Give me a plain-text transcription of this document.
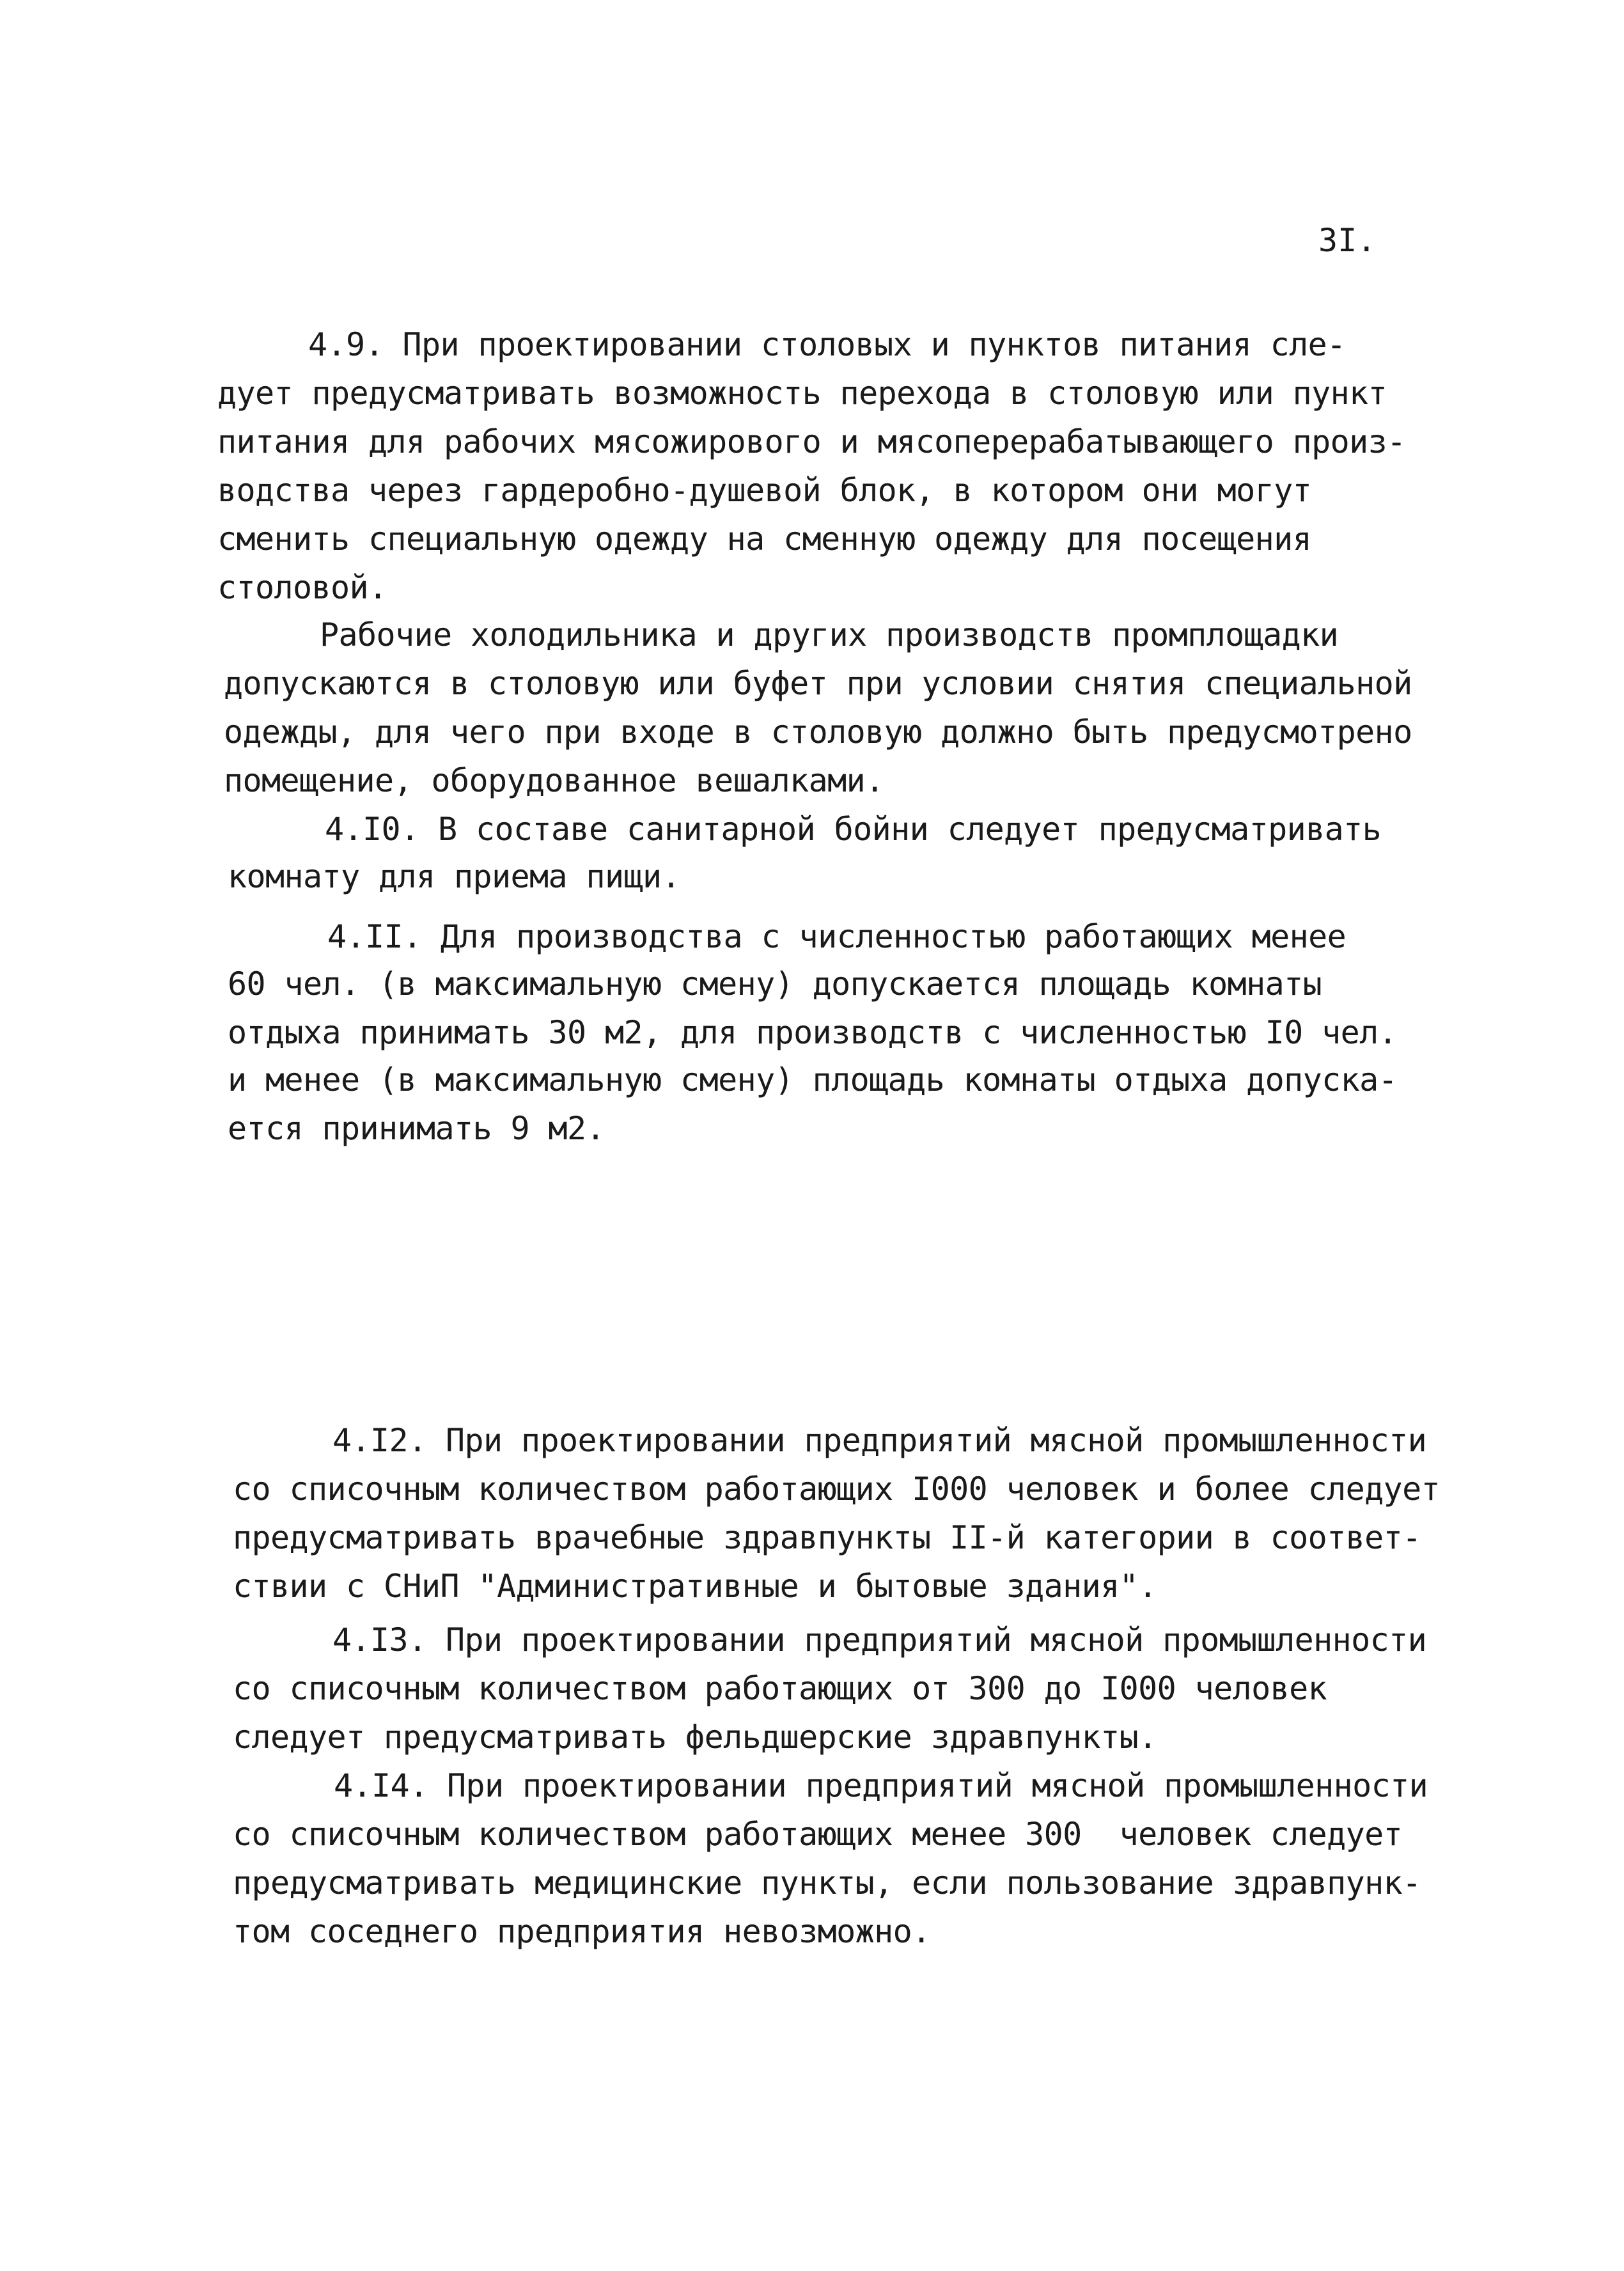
3I.
4.9. При проектировании столовых и пунктов питания сле-
дует предусматривать возможность перехода в столовую или пункт
питания для рабочих мясожирового и мясоперерабатывающего произ-
водства через гардеробно-душевой блок, в котором они могут
сменить специальную одежду на сменную одежду для посещения
столовой.
Рабочие холодильника и других производств промплощадки
допускаются в столовую или буфет при условии снятия специальной
одежды, для чего при входе в столовую должно быть предусмотрено
помещение, оборудованное вешалками.
4.I0. В составе санитарной бойни следует предусматривать
комнату для приема пищи.
4.II. Для производства с численностью работающих менее
60 чел. (в максимальную смену) допускается площадь комнаты
отдыха принимать 30 м2, для производств с численностью I0 чел.
и менее (в максимальную смену) площадь комнаты отдыха допуска-
ется принимать 9 м2.
4.I2. При проектировании предприятий мясной промышленности
со списочным количеством работающих I000 человек и более следует
предусматривать врачебные здравпункты II-й категории в соответ-
ствии с СНиП "Административные и бытовые здания".
4.I3. При проектировании предприятий мясной промышленности
со списочным количеством работающих от 300 до I000 человек
следует предусматривать фельдшерские здравпункты.
4.I4. При проектировании предприятий мясной промышленности
со списочным количеством работающих менее 300  человек следует
предусматривать медицинские пункты, если пользование здравпунк-
том соседнего предприятия невозможно.
